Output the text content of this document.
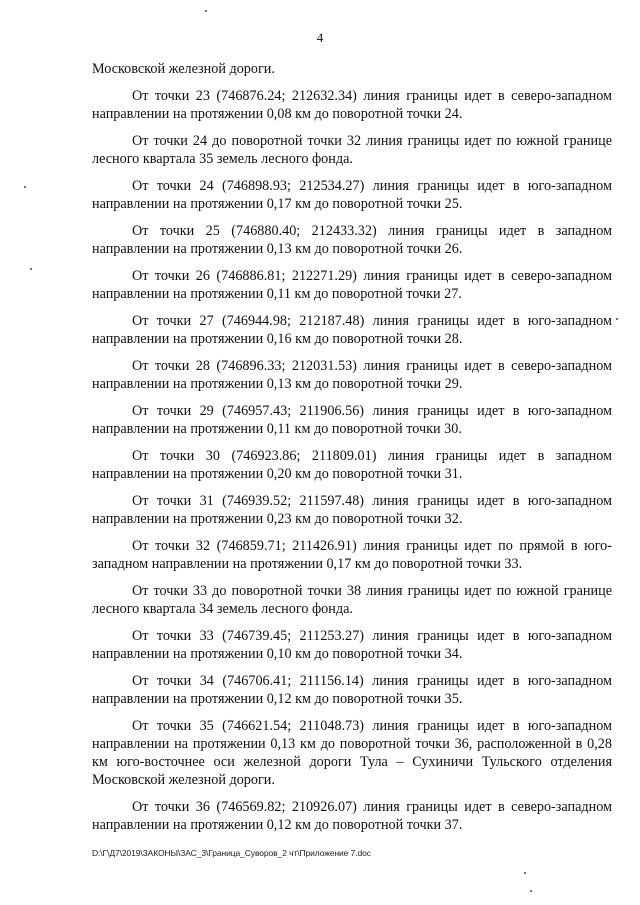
4

Московской железной дороги.

От точки 23 (746876.24; 212632.34) линия границы идет в северо-западном направлении на протяжении 0,08 км до поворотной точки 24.

От точки 24 до поворотной точки 32 линия границы идет по южной границе лесного квартала 35 земель лесного фонда.

От точки 24 (746898.93; 212534.27) линия границы идет в юго-западном направлении на протяжении 0,17 км до поворотной точки 25.

От точки 25 (746880.40; 212433.32) линия границы идет в западном направлении на протяжении 0,13 км до поворотной точки 26.

От точки 26 (746886.81; 212271.29) линия границы идет в северо-западном направлении на протяжении 0,11 км до поворотной точки 27.

От точки 27 (746944.98; 212187.48) линия границы идет в юго-западном направлении на протяжении 0,16 км до поворотной точки 28.

От точки 28 (746896.33; 212031.53) линия границы идет в северо-западном направлении на протяжении 0,13 км до поворотной точки 29.

От точки 29 (746957.43; 211906.56) линия границы идет в юго-западном направлении на протяжении 0,11 км до поворотной точки 30.

От точки 30 (746923.86; 211809.01) линия границы идет в западном направлении на протяжении 0,20 км до поворотной точки 31.

От точки 31 (746939.52; 211597.48) линия границы идет в юго-западном направлении на протяжении 0,23 км до поворотной точки 32.

От точки 32 (746859.71; 211426.91) линия границы идет по прямой в юго-западном направлении на протяжении 0,17 км до поворотной точки 33.

От точки 33 до поворотной точки 38 линия границы идет по южной границе лесного квартала 34 земель лесного фонда.

От точки 33 (746739.45; 211253.27) линия границы идет в юго-западном направлении на протяжении 0,10 км до поворотной точки 34.

От точки 34 (746706.41; 211156.14) линия границы идет в юго-западном направлении на протяжении 0,12 км до поворотной точки 35.

От точки 35 (746621.54; 211048.73) линия границы идет в юго-западном направлении на протяжении 0,13 км до поворотной точки 36, расположенной в 0,28 км юго-восточнее оси железной дороги Тула – Сухиничи Тульского отделения Московской железной дороги.

От точки 36 (746569.82; 210926.07) линия границы идет в северо-западном направлении на протяжении 0,12 км до поворотной точки 37.

D:\Г\Д7\2019\ЗАКОНЫ\ЗАС_3\Граница_Суворов_2 чт\Приложение 7.doc
